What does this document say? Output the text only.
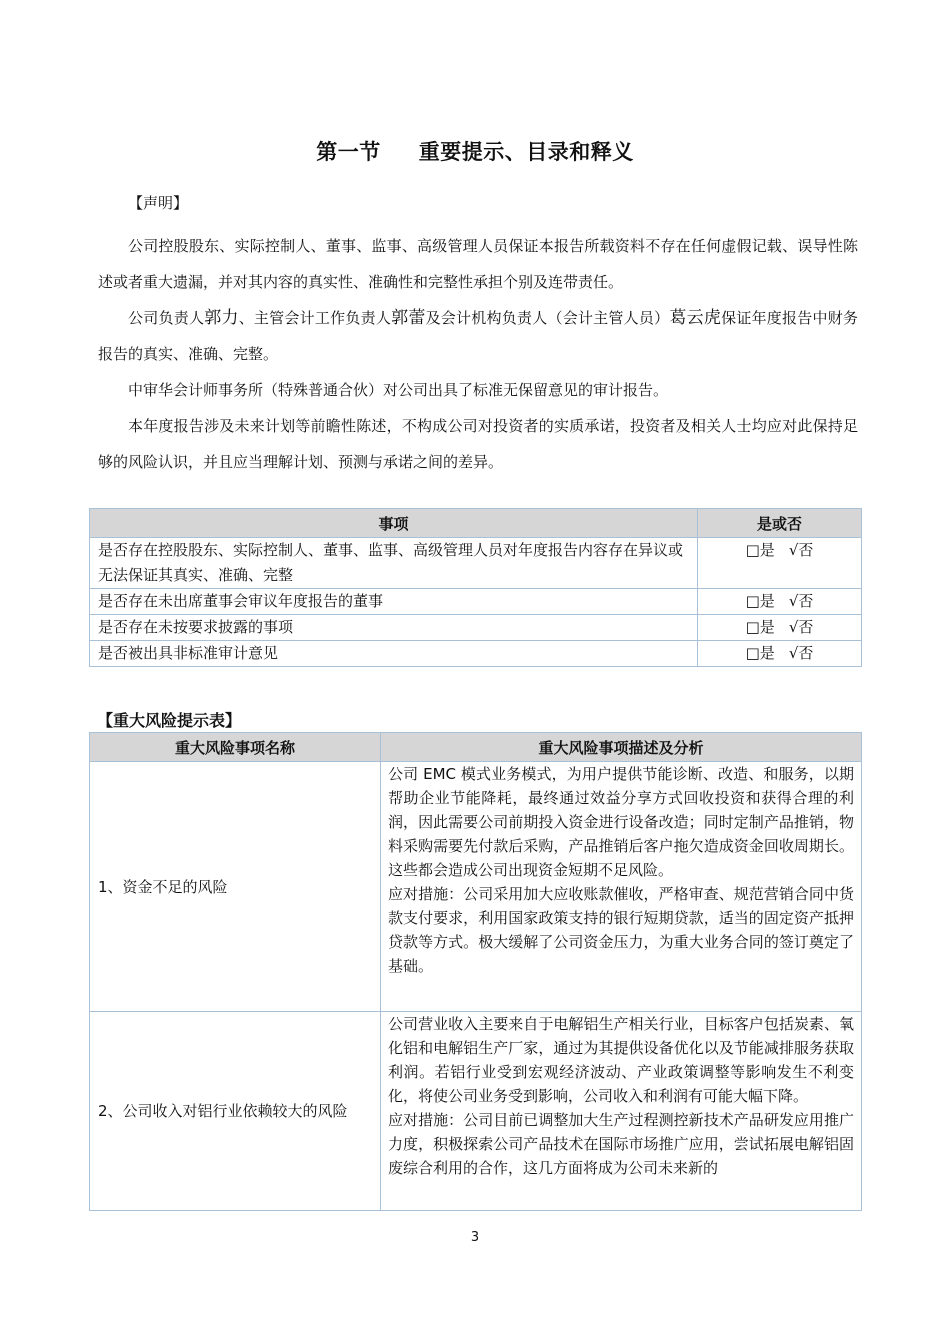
第一节 重要提示、目录和释义
【声明】

公司控股股东、实际控制人、董事、监事、高级管理人员保证本报告所载资料不存在任何虚假记载、误导性陈述或者重大遗漏，并对其内容的真实性、准确性和完整性承担个别及连带责任。

公司负责人郭力、主管会计工作负责人郭蕾及会计机构负责人（会计主管人员）葛云虎保证年度报告中财务报告的真实、准确、完整。

中审华会计师事务所（特殊普通合伙）对公司出具了标准无保留意见的审计报告。

本年度报告涉及未来计划等前瞻性陈述，不构成公司对投资者的实质承诺，投资者及相关人士均应对此保持足够的风险认识，并且应当理解计划、预测与承诺之间的差异。

事项	是或否
是否存在控股股东、实际控制人、董事、监事、高级管理人员对年度报告内容存在异议或无法保证其真实、准确、完整	□是 √否
是否存在未出席董事会审议年度报告的董事	□是 √否
是否存在未按要求披露的事项	□是 √否
是否被出具非标准审计意见	□是 √否
【重大风险提示表】
重大风险事项名称	重大风险事项描述及分析
1、资金不足的风险	公司 EMC 模式业务模式，为用户提供节能诊断、改造、和服务，以期帮助企业节能降耗，最终通过效益分享方式回收投资和获得合理的利润，因此需要公司前期投入资金进行设备改造；同时定制产品推销，物料采购需要先付款后采购，产品推销后客户拖欠造成资金回收周期长。这些都会造成公司出现资金短期不足风险。
应对措施：公司采用加大应收账款催收，严格审查、规范营销合同中货款支付要求，利用国家政策支持的银行短期贷款，适当的固定资产抵押贷款等方式。极大缓解了公司资金压力，为重大业务合同的签订奠定了基础。

2、公司收入对铝行业依赖较大的风险	公司营业收入主要来自于电解铝生产相关行业，目标客户包括炭素、氧化铝和电解铝生产厂家，通过为其提供设备优化以及节能减排服务获取利润。若铝行业受到宏观经济波动、产业政策调整等影响发生不利变化，将使公司业务受到影响，公司收入和利润有可能大幅下降。
应对措施：公司目前已调整加大生产过程测控新技术产品研发应用推广力度，积极探索公司产品技术在国际市场推广应用，尝试拓展电解铝固废综合利用的合作，这几方面将成为公司未来新的
3
